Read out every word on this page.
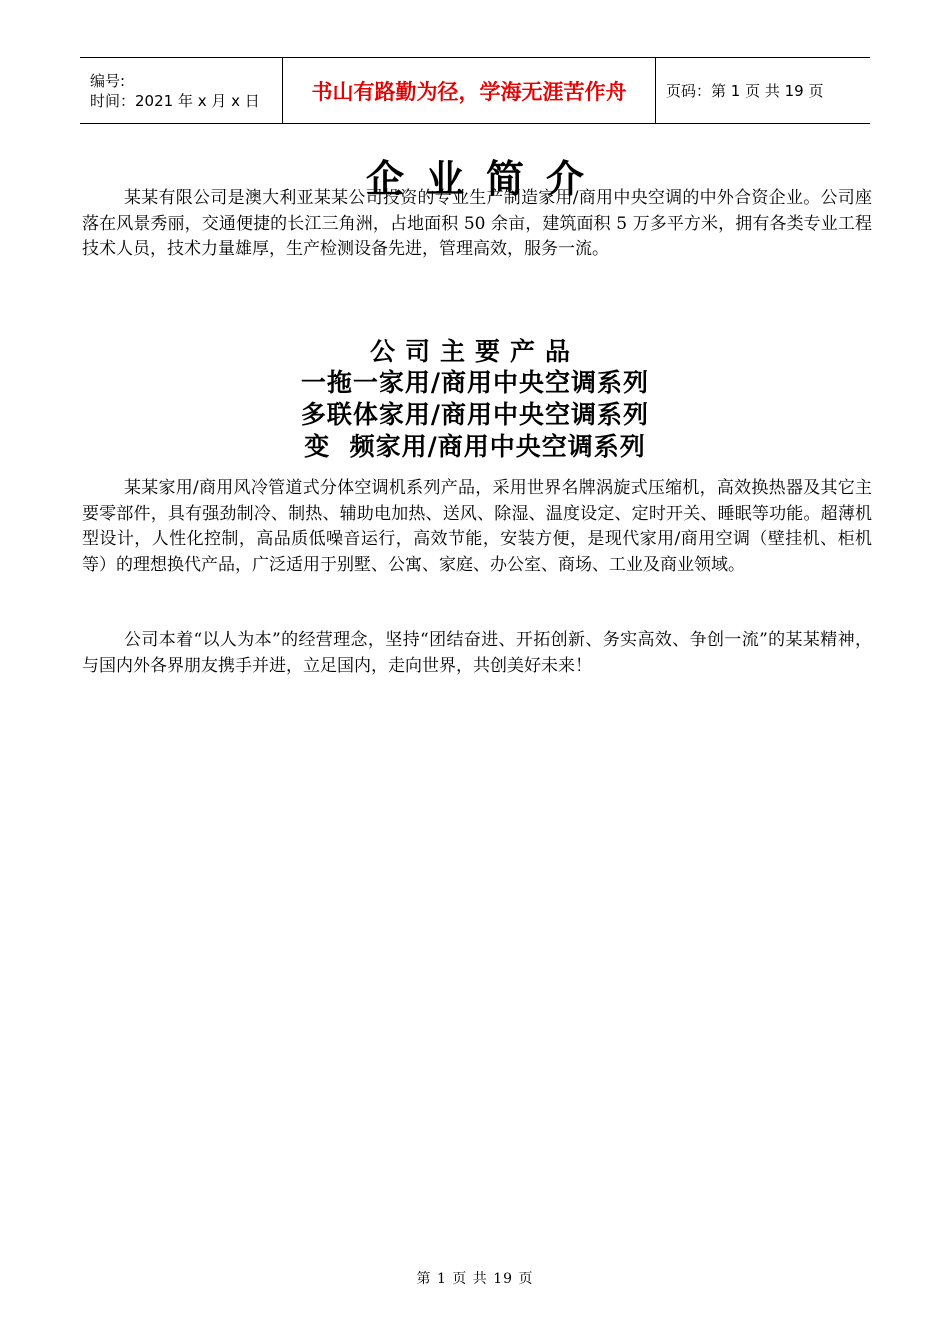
编号:
时间：2021 年 x 月 x 日	书山有路勤为径，学海无涯苦作舟	页码：第 1 页 共 19 页
企业简介

某某有限公司是澳大利亚某某公司投资的专业生产制造家用/商用中央空调的中外合资企业。公司座落在风景秀丽，交通便捷的长江三角洲，占地面积 50 余亩，建筑面积 5 万多平方米，拥有各类专业工程技术人员，技术力量雄厚，生产检测设备先进，管理高效，服务一流。

公司主要产品
一拖一家用/商用中央空调系列
多联体家用/商用中央空调系列
变  频家用/商用中央空调系列

某某家用/商用风冷管道式分体空调机系列产品，采用世界名牌涡旋式压缩机，高效换热器及其它主要零部件，具有强劲制冷、制热、辅助电加热、送风、除湿、温度设定、定时开关、睡眠等功能。超薄机型设计，人性化控制，高品质低噪音运行，高效节能，安装方便，是现代家用/商用空调（壁挂机、柜机等）的理想换代产品，广泛适用于别墅、公寓、家庭、办公室、商场、工业及商业领域。

公司本着“以人为本”的经营理念，坚持“团结奋进、开拓创新、务实高效、争创一流”的某某精神，与国内外各界朋友携手并进，立足国内，走向世界，共创美好未来！

第 1 页 共 19 页
